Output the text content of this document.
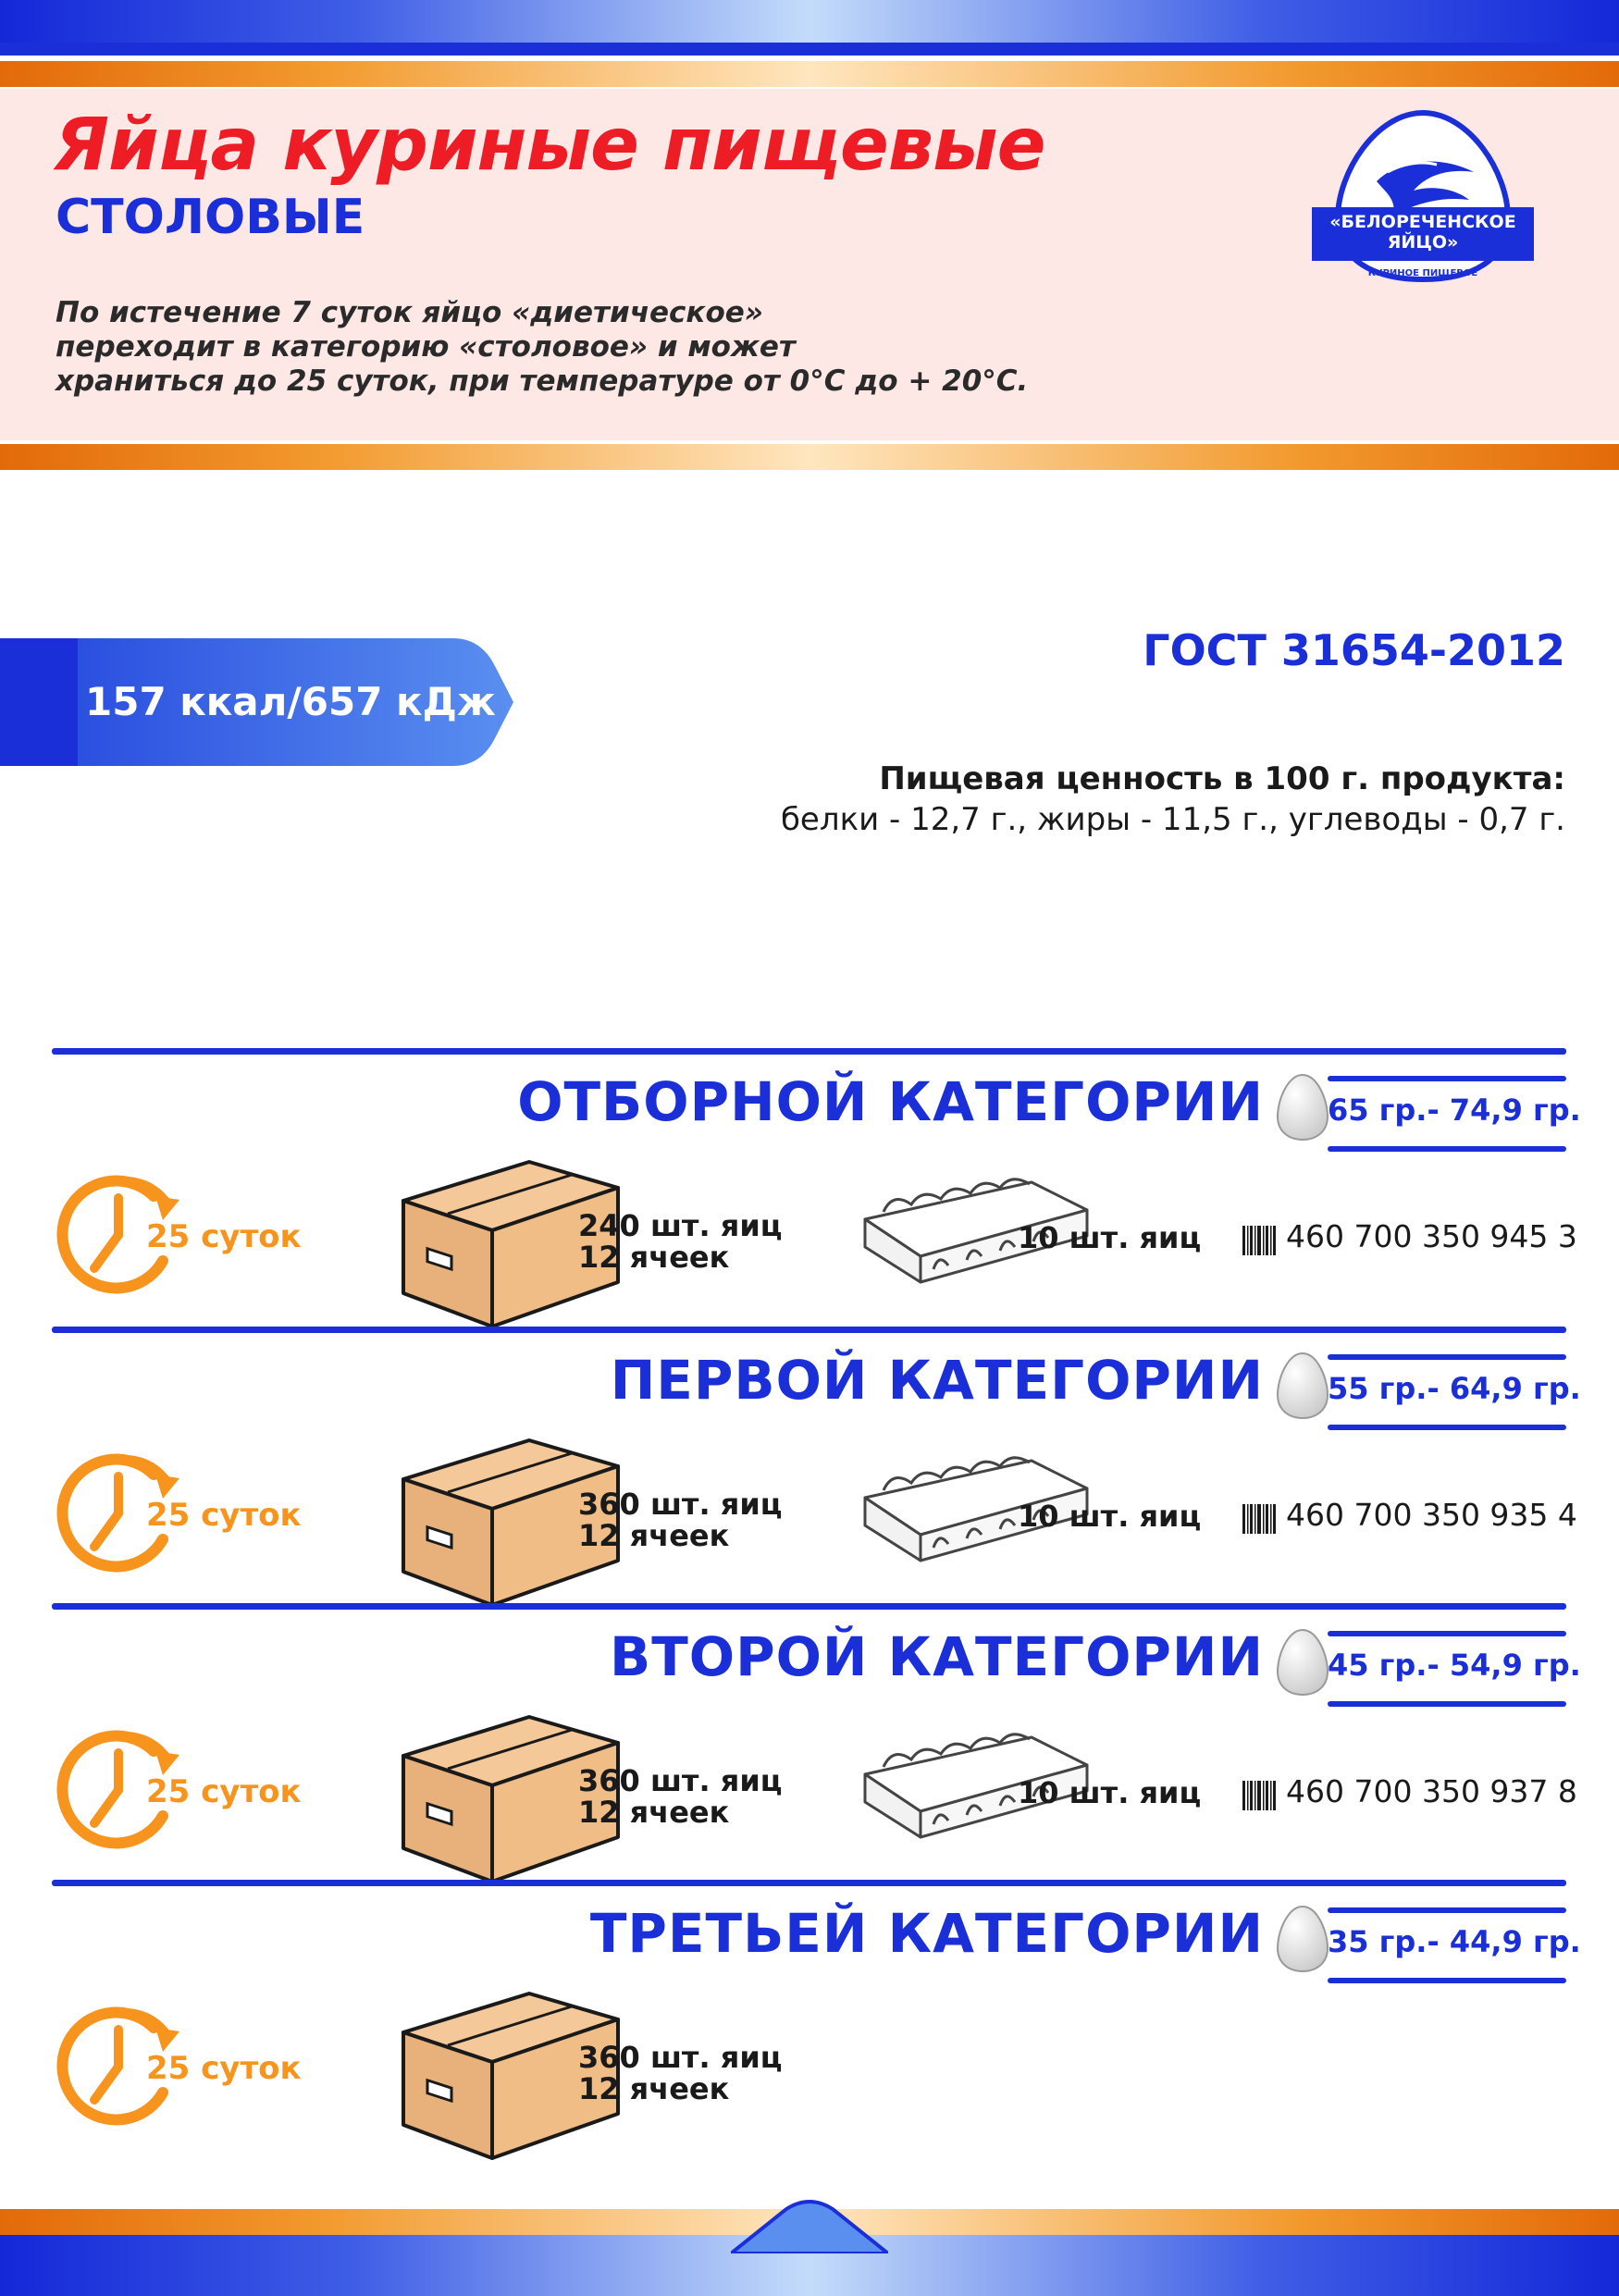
Яйца куриные пищевые
СТОЛОВЫЕ
По истечение 7 суток яйцо «диетическое»
переходит в категорию «столовое» и может
храниться до 25 суток, при температуре от 0°С до + 20°С.
«БЕЛОРЕЧЕНСКОЕ
ЯЙЦО»
КУРИНОЕ ПИЩЕВОЕ
157 ккал/657 кДж
ГОСТ 31654-2012
Пищевая ценность в 100 г. продукта:
белки - 12,7 г., жиры - 11,5 г., углеводы - 0,7 г.
ОТБОРНОЙ КАТЕГОРИИ 65 гр.- 74,9 гр.
25 суток	240 шт. яиц
12 ячеек
10 шт. яиц	460 700 350 945 3
ПЕРВОЙ КАТЕГОРИИ 55 гр.- 64,9 гр.
25 суток	360 шт. яиц
12 ячеек
10 шт. яиц	460 700 350 935 4
ВТОРОЙ КАТЕГОРИИ 45 гр.- 54,9 гр.
25 суток	360 шт. яиц
12 ячеек
10 шт. яиц	460 700 350 937 8
ТРЕТЬЕЙ КАТЕГОРИИ 35 гр.- 44,9 гр.
25 суток	360 шт. яиц
12 ячеек
